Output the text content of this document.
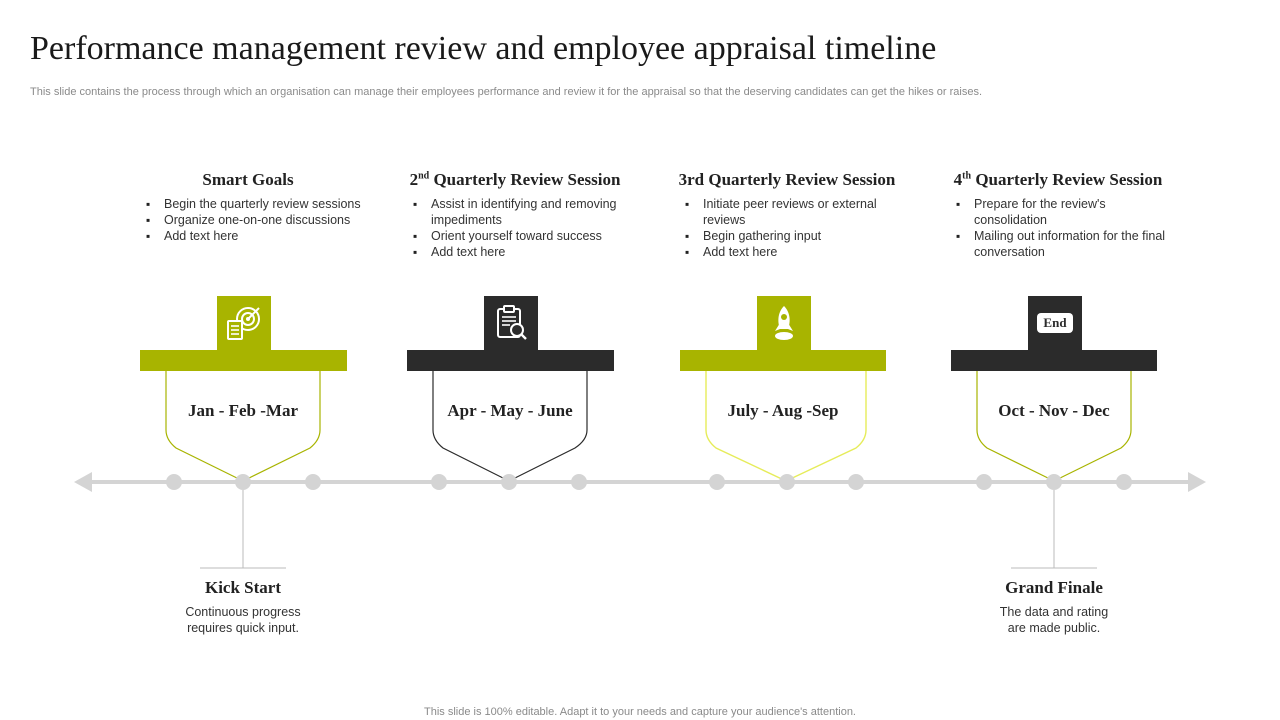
Performance management review and employee appraisal timeline
This slide contains the process through which an organisation can manage their employees performance and review it for the appraisal so that the deserving candidates can get the hikes or raises.
Smart Goals
▪ Begin the quarterly review sessions
▪ Organize one-on-one discussions
▪ Add text here
2nd Quarterly Review Session
▪ Assist in identifying and removing impediments
▪ Orient yourself toward success
▪ Add text here
3rd Quarterly Review Session
▪ Initiate peer reviews or external reviews
▪ Begin gathering input
▪ Add text here
4th Quarterly Review Session
▪ Prepare for the review's consolidation
▪ Mailing out information for the final conversation
End
Jan - Feb -Mar	Apr - May - June	July - Aug -Sep	Oct - Nov - Dec
Kick Start
Continuous progress
requires quick input.
Grand Finale
The data and rating
are made public.
This slide is 100% editable. Adapt it to your needs and capture your audience's attention.
